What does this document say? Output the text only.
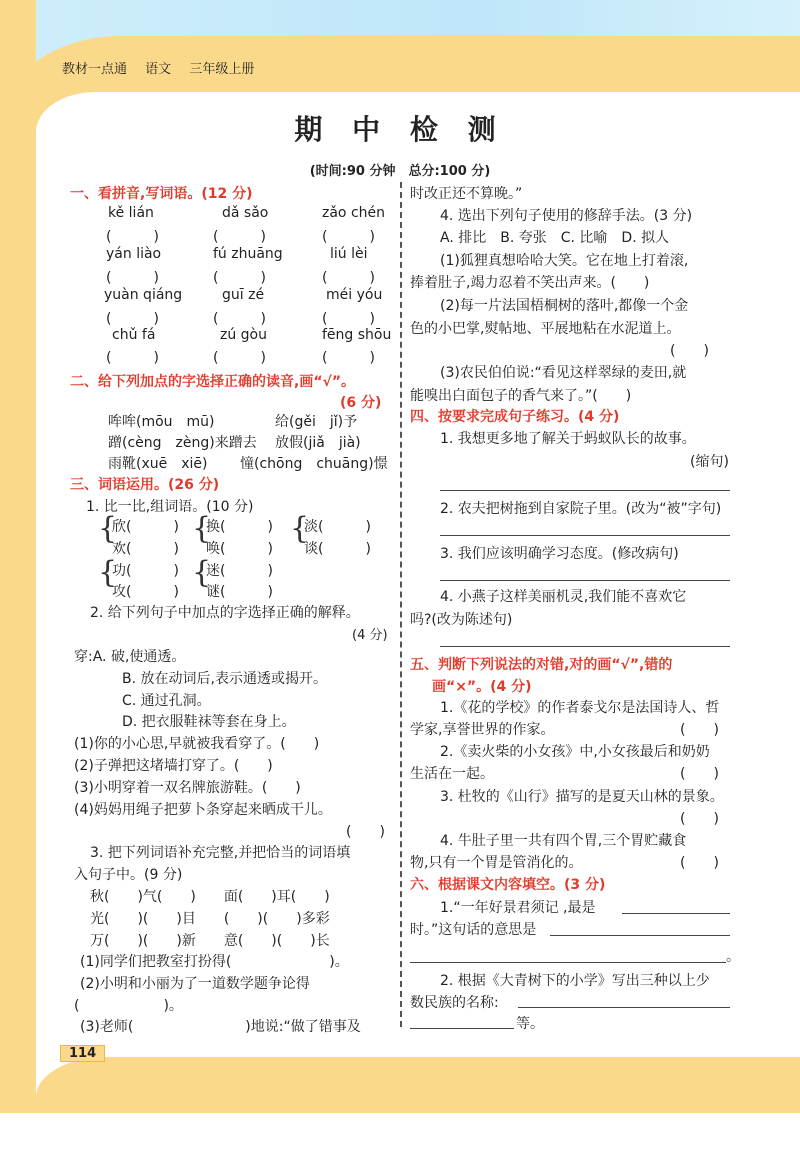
教材一点通 语文 三年级上册
期 中 检 测
(时间:90 分钟　总分:100 分)
一、看拼音,写词语。(12 分)
kě lián	dǎ sǎo	zǎo chén
(　　　)	(　　　)	(　　　)
yán liào	fú zhuāng	liú lèi
(　　　)	(　　　)	(　　　)
yuàn qiáng	guī zé	méi yóu
(　　　)	(　　　)	(　　　)
chǔ fá	zú gòu	fēng shōu
(　　　)	(　　　)	(　　　)
二、给下列加点的字选择正确的读音,画“√”。
(6 分)
哞哞(mōu　mū)	给(gěi　jǐ)予
蹭(cèng　zèng)来蹭去 放假(jiǎ　jià)
雨靴(xuē　xiē) 憧(chōng　chuāng)憬
三、词语运用。(26 分)
1. 比一比,组词语。(10 分)
{
欣(　　　)
欢(　　　)
{
换(　　　)
唤(　　　)
{
淡(　　　)
谈(　　　)
{
功(　　　)
攻(　　　)
{
迷(　　　)
谜(　　　)
2. 给下列句子中加点的字选择正确的解释。
(4 分)
穿:A. 破,使通透。
B. 放在动词后,表示通透或揭开。
C. 通过孔洞。
D. 把衣服鞋袜等套在身上。
(1)你的小心思,早就被我看穿了。(　　)
(2)子弹把这堵墙打穿了。(　　)
(3)小明穿着一双名牌旅游鞋。(　　)
(4)妈妈用绳子把萝卜条穿起来晒成干儿。
(　　)
3. 把下列词语补充完整,并把恰当的词语填
入句子中。(9 分)
秋(　　)气(　　)　　面(　　)耳(　　)
光(　　)(　　)目　　(　　)(　　)多彩
万(　　)(　　)新　　意(　　)(　　)长
(1)同学们把教室打扮得(　　　　　　　)。
(2)小明和小丽为了一道数学题争论得
(　　　　　　)。
(3)老师(　　　　　　　　)地说:“做了错事及
时改正还不算晚。”
4. 选出下列句子使用的修辞手法。(3 分)
A. 排比　B. 夸张　C. 比喻　D. 拟人
(1)狐狸真想哈哈大笑。它在地上打着滚,
捧着肚子,竭力忍着不笑出声来。(　　)
(2)每一片法国梧桐树的落叶,都像一个金
色的小巴掌,熨帖地、平展地粘在水泥道上。
(　　)
(3)农民伯伯说:“看见这样翠绿的麦田,就
能嗅出白面包子的香气来了。”(　　)
四、按要求完成句子练习。(4 分)
1. 我想更多地了解关于蚂蚁队长的故事。
(缩句)
2. 农夫把树拖到自家院子里。(改为“被”字句)
3. 我们应该明确学习态度。(修改病句)
4. 小燕子这样美丽机灵,我们能不喜欢它
吗?(改为陈述句)
五、判断下列说法的对错,对的画“√”,错的
画“×”。(4 分)
1.《花的学校》的作者泰戈尔是法国诗人、哲
学家,享誉世界的作家。	(　　)
2.《卖火柴的小女孩》中,小女孩最后和奶奶
生活在一起。	(　　)
3. 杜牧的《山行》描写的是夏天山林的景象。
(　　)
4. 牛肚子里一共有四个胃,三个胃贮藏食
物,只有一个胃是管消化的。	(　　)
六、根据课文内容填空。(3 分)
1.“一年好景君须记 ,最是
时。”这句话的意思是
。
2. 根据《大青树下的小学》写出三种以上少
数民族的名称:
等。
114
